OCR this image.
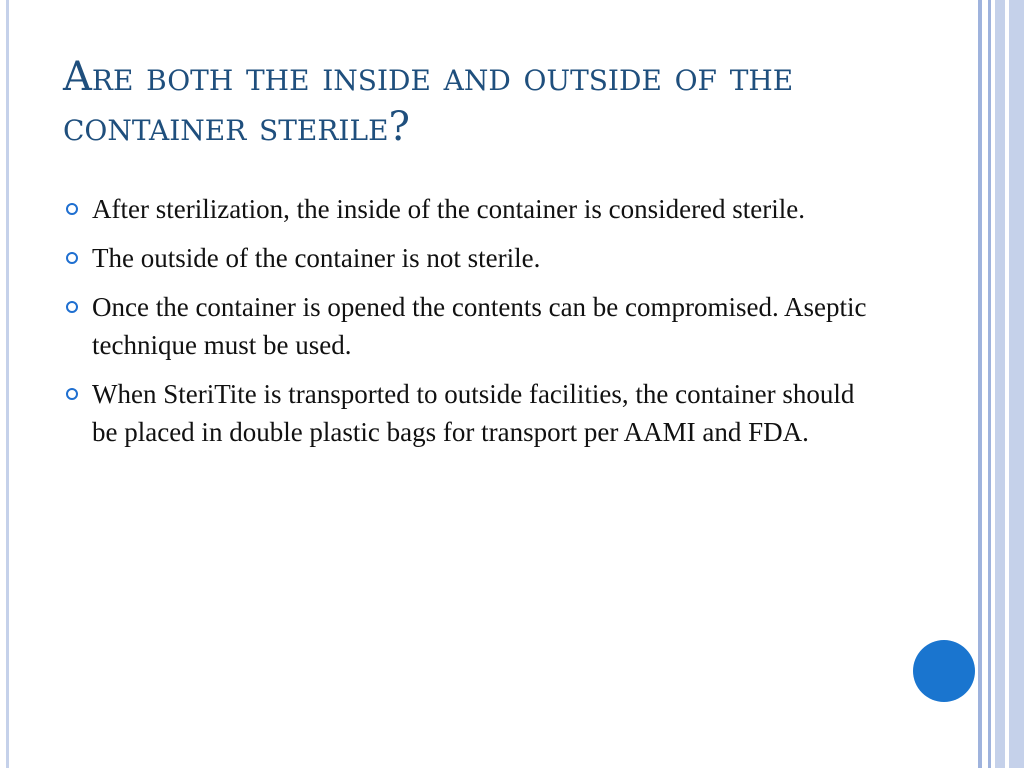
Are both the inside and outside of the container sterile?
After sterilization, the inside of the container is considered sterile.
The outside of the container is not sterile.
Once the container is opened the contents can be compromised. Aseptic technique must be used.
When SteriTite is transported to outside facilities, the container should be placed in double plastic bags for transport per AAMI and FDA.
